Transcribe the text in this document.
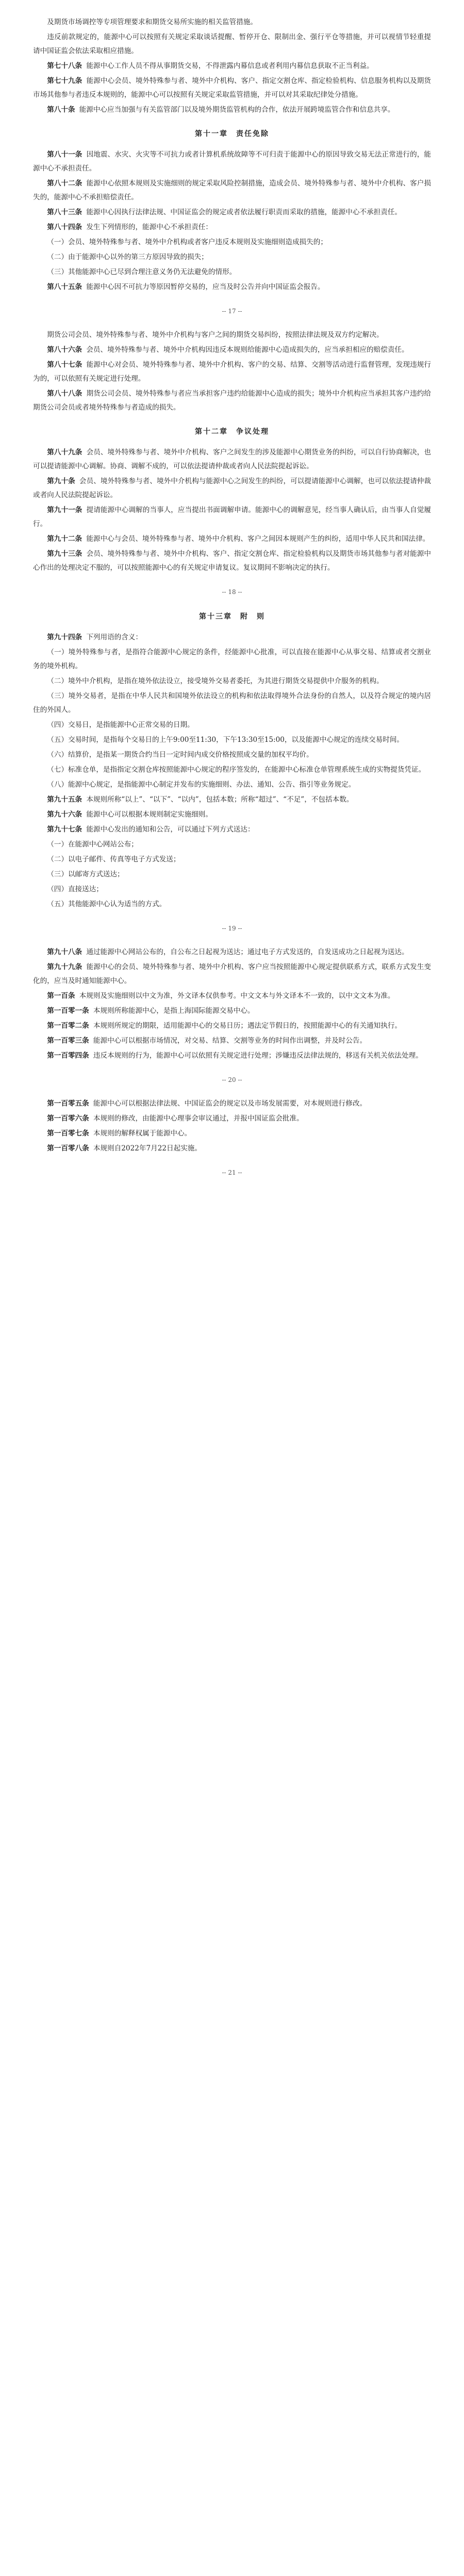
及期货市场调控等专项管理要求和期货交易所实施的相关监管措施。

违反前款规定的，能源中心可以按照有关规定采取谈话提醒、暂停开仓、限制出金、强行平仓等措施，并可以视情节轻重提请中国证监会依法采取相应措施。

第七十八条 能源中心工作人员不得从事期货交易，不得泄露内幕信息或者利用内幕信息获取不正当利益。

第七十九条 能源中心会员、境外特殊参与者、境外中介机构、客户、指定交割仓库、指定检验机构、信息服务机构以及期货市场其他参与者违反本规则的，能源中心可以按照有关规定采取监管措施，并可以对其采取纪律处分措施。

第八十条 能源中心应当加强与有关监管部门以及境外期货监管机构的合作，依法开展跨境监管合作和信息共享。

第十一章　责任免除

第八十一条 因地震、水灾、火灾等不可抗力或者计算机系统故障等不可归责于能源中心的原因导致交易无法正常进行的，能源中心不承担责任。

第八十二条 能源中心依照本规则及实施细则的规定采取风险控制措施，造成会员、境外特殊参与者、境外中介机构、客户损失的，能源中心不承担赔偿责任。

第八十三条 能源中心因执行法律法规、中国证监会的规定或者依法履行职责而采取的措施，能源中心不承担责任。

第八十四条 发生下列情形的，能源中心不承担责任：

（一）会员、境外特殊参与者、境外中介机构或者客户违反本规则及实施细则造成损失的；

（二）由于能源中心以外的第三方原因导致的损失；

（三）其他能源中心已尽到合理注意义务仍无法避免的情形。

第八十五条 能源中心因不可抗力等原因暂停交易的，应当及时公告并向中国证监会报告。

-- 17 --

期货公司会员、境外特殊参与者、境外中介机构与客户之间的期货交易纠纷，按照法律法规及双方约定解决。

第八十六条 会员、境外特殊参与者、境外中介机构因违反本规则给能源中心造成损失的，应当承担相应的赔偿责任。

第八十七条 能源中心对会员、境外特殊参与者、境外中介机构、客户的交易、结算、交割等活动进行监督管理，发现违规行为的，可以依照有关规定进行处理。

第八十八条 期货公司会员、境外特殊参与者应当承担客户违约给能源中心造成的损失；境外中介机构应当承担其客户违约给期货公司会员或者境外特殊参与者造成的损失。

第十二章　争议处理

第八十九条 会员、境外特殊参与者、境外中介机构、客户之间发生的涉及能源中心期货业务的纠纷，可以自行协商解决，也可以提请能源中心调解。协商、调解不成的，可以依法提请仲裁或者向人民法院提起诉讼。

第九十条 会员、境外特殊参与者、境外中介机构与能源中心之间发生的纠纷，可以提请能源中心调解，也可以依法提请仲裁或者向人民法院提起诉讼。

第九十一条 提请能源中心调解的当事人，应当提出书面调解申请。能源中心的调解意见，经当事人确认后，由当事人自觉履行。

第九十二条 能源中心与会员、境外特殊参与者、境外中介机构、客户之间因本规则产生的纠纷，适用中华人民共和国法律。

第九十三条 会员、境外特殊参与者、境外中介机构、客户、指定交割仓库、指定检验机构以及期货市场其他参与者对能源中心作出的处理决定不服的，可以按照能源中心的有关规定申请复议。复议期间不影响决定的执行。

-- 18 --
第十三章　附　则

第九十四条 下列用语的含义：

（一）境外特殊参与者，是指符合能源中心规定的条件，经能源中心批准，可以直接在能源中心从事交易、结算或者交割业务的境外机构。

（二）境外中介机构，是指在境外依法设立，接受境外交易者委托，为其进行期货交易提供中介服务的机构。

（三）境外交易者，是指在中华人民共和国境外依法设立的机构和依法取得境外合法身份的自然人，以及符合规定的境内居住的外国人。

（四）交易日，是指能源中心正常交易的日期。

（五）交易时间，是指每个交易日的上午9:00至11:30，下午13:30至15:00，以及能源中心规定的连续交易时间。

（六）结算价，是指某一期货合约当日一定时间内成交价格按照成交量的加权平均价。

（七）标准仓单，是指指定交割仓库按照能源中心规定的程序签发的，在能源中心标准仓单管理系统生成的实物提货凭证。

（八）能源中心规定，是指能源中心制定并发布的实施细则、办法、通知、公告、指引等业务规定。

第九十五条 本规则所称“以上”、“以下”、“以内”，包括本数；所称“超过”、“不足”，不包括本数。

第九十六条 能源中心可以根据本规则制定实施细则。

第九十七条 能源中心发出的通知和公告，可以通过下列方式送达：

（一）在能源中心网站公布；

（二）以电子邮件、传真等电子方式发送；

（三）以邮寄方式送达；

（四）直接送达；

（五）其他能源中心认为适当的方式。

-- 19 --

第九十八条 通过能源中心网站公布的，自公布之日起视为送达；通过电子方式发送的，自发送成功之日起视为送达。

第九十九条 能源中心的会员、境外特殊参与者、境外中介机构、客户应当按照能源中心规定提供联系方式，联系方式发生变化的，应当及时通知能源中心。

第一百条 本规则及实施细则以中文为准，外文译本仅供参考。中文文本与外文译本不一致的，以中文文本为准。

第一百零一条 本规则所称能源中心，是指上海国际能源交易中心。

第一百零二条 本规则所规定的期限，适用能源中心的交易日历；遇法定节假日的，按照能源中心的有关通知执行。

第一百零三条 能源中心可以根据市场情况，对交易、结算、交割等业务的时间作出调整，并及时公告。

第一百零四条 违反本规则的行为，能源中心可以依照有关规定进行处理；涉嫌违反法律法规的，移送有关机关依法处理。

-- 20 --

第一百零五条 能源中心可以根据法律法规、中国证监会的规定以及市场发展需要，对本规则进行修改。

第一百零六条 本规则的修改，由能源中心理事会审议通过，并报中国证监会批准。

第一百零七条 本规则的解释权属于能源中心。

第一百零八条 本规则自2022年7月22日起实施。

-- 21 --
